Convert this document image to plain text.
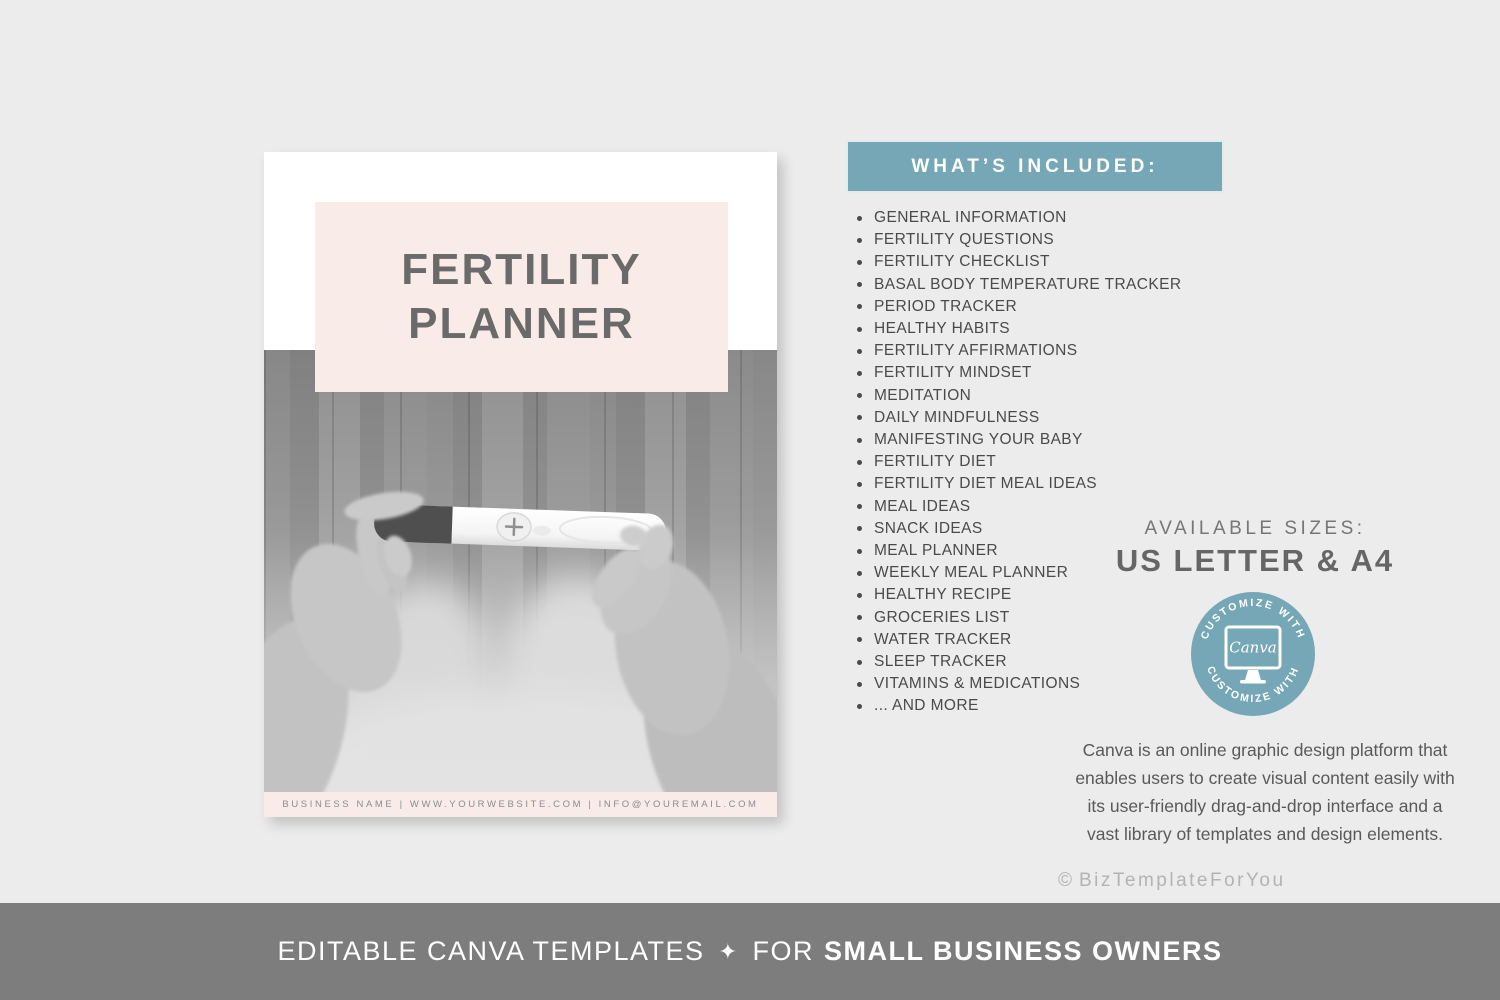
FERTILITY
PLANNER
BUSINESS NAME | WWW.YOURWEBSITE.COM | INFO@YOUREMAIL.COM
WHAT’S INCLUDED:
GENERAL INFORMATION
FERTILITY QUESTIONS
FERTILITY CHECKLIST
BASAL BODY TEMPERATURE TRACKER
PERIOD TRACKER
HEALTHY HABITS
FERTILITY AFFIRMATIONS
FERTILITY MINDSET
MEDITATION
DAILY MINDFULNESS
MANIFESTING YOUR BABY
FERTILITY DIET
FERTILITY DIET MEAL IDEAS
MEAL IDEAS
SNACK IDEAS
MEAL PLANNER
WEEKLY MEAL PLANNER
HEALTHY RECIPE
GROCERIES LIST
WATER TRACKER
SLEEP TRACKER
VITAMINS & MEDICATIONS
... AND MORE
AVAILABLE SIZES:
US LETTER & A4
CUSTOMIZE WITH
CUSTOMIZE WITH
Canva

Canva is an online graphic design platform that enables users to create visual content easily with its user-friendly drag-and-drop interface and a vast library of templates and design elements.

© BizTemplateForYou
EDITABLE CANVA TEMPLATES ✦ FOR SMALL BUSINESS OWNERS
